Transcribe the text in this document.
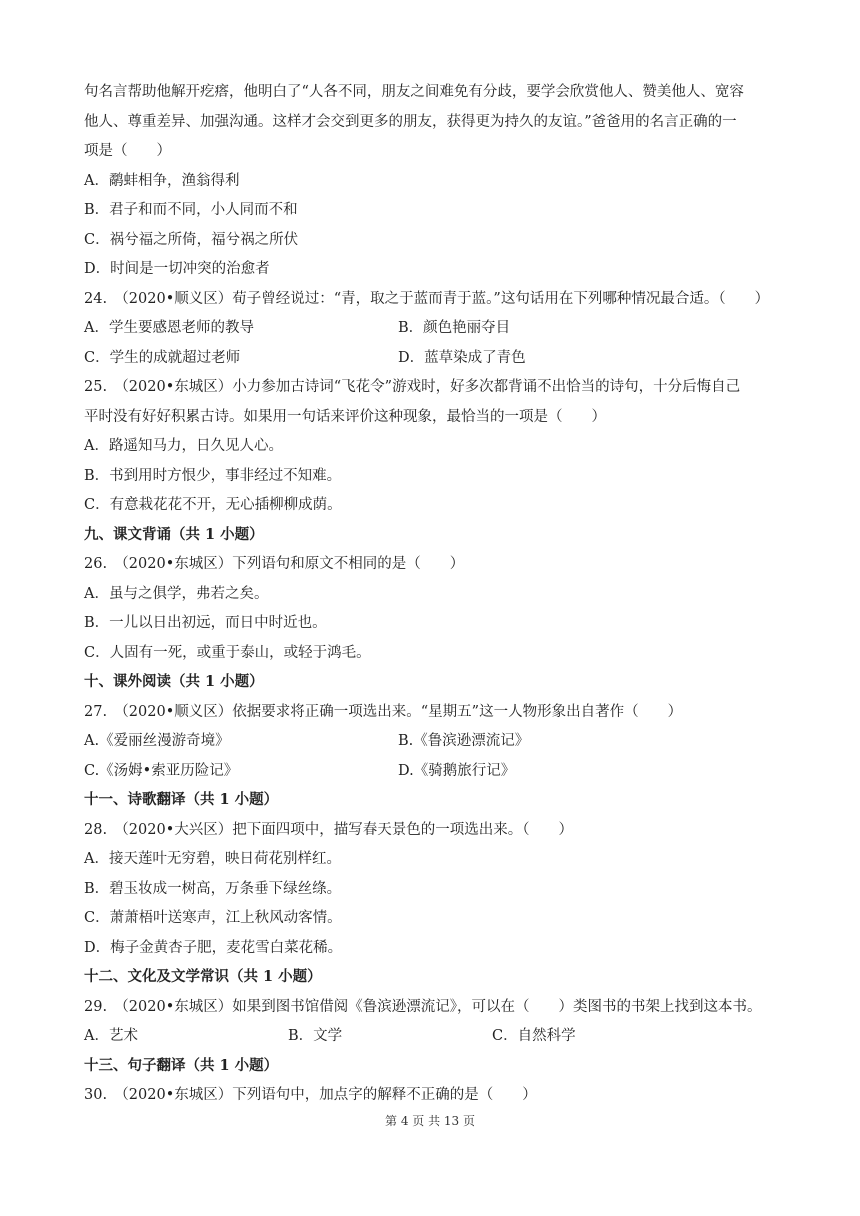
句名言帮助他解开疙瘩，他明白了“人各不同，朋友之间难免有分歧，要学会欣赏他人、赞美他人、宽容
他人、尊重差异、加强沟通。这样才会交到更多的朋友，获得更为持久的友谊。”爸爸用的名言正确的一
项是（　　）
A．鹬蚌相争，渔翁得利
B．君子和而不同，小人同而不和
C．祸兮福之所倚，福兮祸之所伏
D．时间是一切冲突的治愈者
24.　（2020•顺义区）荀子曾经说过：“青，取之于蓝而青于蓝。”这句话用在下列哪种情况最合适。（　　）
A．学生要感恩老师的教导	B．颜色艳丽夺目
C．学生的成就超过老师	D．蓝草染成了青色
25.　（2020•东城区）小力参加古诗词“飞花令”游戏时，好多次都背诵不出恰当的诗句，十分后悔自己
平时没有好好积累古诗。如果用一句话来评价这种现象，最恰当的一项是（　　）
A．路遥知马力，日久见人心。
B．书到用时方恨少，事非经过不知难。
C．有意栽花花不开，无心插柳柳成荫。
九、课文背诵（共 1 小题）
26.　（2020•东城区）下列语句和原文不相同的是（　　）
A．虽与之俱学，弗若之矣。
B．一儿以日出初远，而日中时近也。
C．人固有一死，或重于泰山，或轻于鸿毛。
十、课外阅读（共 1 小题）
27.　（2020•顺义区）依据要求将正确一项选出来。“星期五”这一人物形象出自著作（　　）
A.《爱丽丝漫游奇境》	B.《鲁滨逊漂流记》
C.《汤姆•索亚历险记》	D.《骑鹅旅行记》
十一、诗歌翻译（共 1 小题）
28.　（2020•大兴区）把下面四项中，描写春天景色的一项选出来。（　　）
A．接天莲叶无穷碧，映日荷花别样红。
B．碧玉妆成一树高，万条垂下绿丝绦。
C．萧萧梧叶送寒声，江上秋风动客情。
D．梅子金黄杏子肥，麦花雪白菜花稀。
十二、文化及文学常识（共 1 小题）
29.　（2020•东城区）如果到图书馆借阅《鲁滨逊漂流记》，可以在（　　）类图书的书架上找到这本书。
A．艺术	B．文学	C．自然科学
十三、句子翻译（共 1 小题）
30.　（2020•东城区）下列语句中，加点字的解释不正确的是（　　）
第 4 页 共 13 页
